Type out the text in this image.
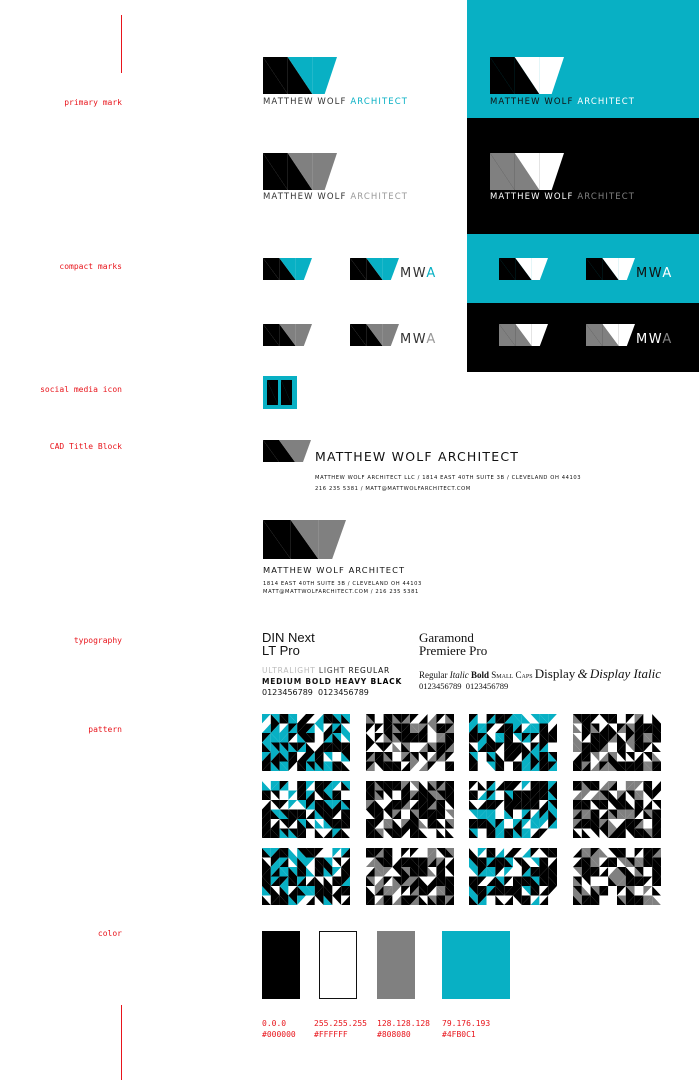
primary mark
compact marks
social media icon
CAD Title Block
typography
pattern
color
MATTHEW WOLF ARCHITECT	MATTHEW WOLF ARCHITECT
MATTHEW WOLF ARCHITECT	MATTHEW WOLF ARCHITECT
MWA	MWA
MWA	MWA
MATTHEW WOLF ARCHITECT
MATTHEW WOLF ARCHITECT LLC / 1814 EAST 40TH SUITE 3B / CLEVELAND OH 44103
216 235 5381 / MATT@MATTWOLFARCHITECT.COM
MATTHEW WOLF ARCHITECT
1814 EAST 40TH SUITE 3B / CLEVELAND OH 44103
MATT@MATTWOLFARCHITECT.COM / 216 235 5381
DIN Next
LT Pro
ULTRALIGHT LIGHT REGULAR
MEDIUM BOLD HEAVY BLACK
0123456789  0123456789
Garamond
Premiere Pro
Regular Italic Bold Small Caps Display & Display Italic
0123456789  0123456789
0.0.0
#000000
255.255.255
#FFFFFF
128.128.128
#808080
79.176.193
#4FB0C1
